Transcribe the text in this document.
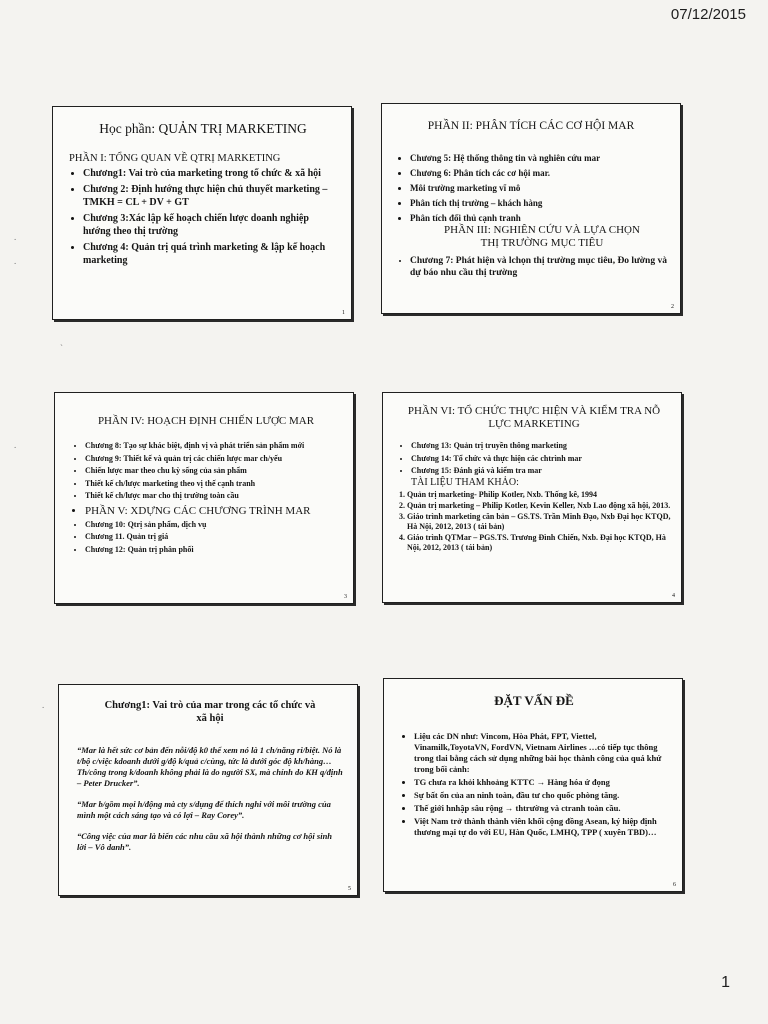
07/12/2015
.
.
`
.
.
Học phần: QUẢN TRỊ MARKETING
PHẦN I: TỔNG QUAN VỀ QTRỊ MARKETING
• Chương1: Vai trò của marketing trong tổ chức & xã hội
• Chương 2: Định hướng thực hiện chủ thuyết marketing – TMKH = CL + DV + GT
• Chương 3:Xác lập kế hoạch chiến lược doanh nghiệp hướng theo thị trường
• Chương 4: Quản trị quá trình marketing & lập kế hoạch marketing
1
PHẦN II: PHÂN TÍCH CÁC CƠ HỘI MAR
• Chương 5: Hệ thống thông tin và nghiên cứu mar
• Chương 6: Phân tích các cơ hội mar.
• Môi trường marketing vĩ mô
• Phân tích thị trường – khách hàng
• Phân tích đối thủ cạnh tranh
PHẦN III: NGHIÊN CỨU VÀ LỰA CHỌN THỊ TRƯỜNG MỤC TIÊU
• Chương 7: Phát hiện và lchọn thị trường mục tiêu, Đo lường và dự báo nhu cầu thị trường
2
PHẦN IV: HOẠCH ĐỊNH CHIẾN LƯỢC MAR
• Chương 8: Tạo sự khác biệt, định vị và phát triển sản phẩm mới
• Chương 9: Thiết kế và quản trị các chiến lược mar ch/yếu
• Chiến lược mar theo chu kỳ sống của sản phẩm
• Thiết kế ch/lược marketing theo vị thế cạnh tranh
• Thiết kế ch/lược mar cho thị trường toàn cầu
• PHẦN V: XDỰNG CÁC CHƯƠNG TRÌNH MAR
• Chương 10: Qtrị sản phẩm, dịch vụ
• Chương 11. Quản trị giá
• Chương 12: Quản trị phân phối
3
PHẦN VI: TỔ CHỨC THỰC HIỆN VÀ KIỂM TRA NỖ LỰC MARKETING
• Chương 13: Quản trị truyền thông marketing
• Chương 14: Tổ chức và thực hiện các chtrình mar
• Chương 15: Đánh giá và kiểm tra mar
TÀI LIỆU THAM KHẢO:
1. Quản trị marketing- Philip Kotler, Nxb. Thống kê, 1994
2. Quản trị marketing – Philip Kotler, Kevin Keller, Nxb Lao động xã hội, 2013.
3. Giáo trình marketing căn bản – GS.TS. Trần Minh Đạo, Nxb Đại học KTQD, Hà Nội, 2012, 2013 ( tái bản)
4. Giáo trình QTMar – PGS.TS. Trương Đình Chiến, Nxb. Đại học KTQD, Hà Nội, 2012, 2013 ( tái bản)
4
Chương1: Vai trò của mar trong các tổ chức và xã hội

“Mar là hết sức cơ bản đến nỗi/độ k0 thể xem nó là 1 ch/năng ri/biệt. Nó là t/bộ c/việc kdoanh dưới g/độ k/quả c/cùng, tức là dưới góc độ kh/hàng…Th/công trong k/doanh không phải là do người SX, mà chính do KH q/định – Peter Drucker”.

“Mar b/gồm mọi h/động mà cty s/dụng để thích nghi với môi trường của mình một cách sáng tạo và có lợi – Ray Corey”.

“Công việc của mar là biến các nhu cầu xã hội thành những cơ hội sinh lời – Vô danh”.

5
ĐẶT VẤN ĐỀ
• Liệu các DN như: Vincom, Hòa Phát, FPT, Viettel, Vinamilk,ToyotaVN, FordVN, Vietnam Airlines …có tiếp tục thông trong tlai bằng cách sử dụng những bài học thành công của quá khứ trong bối cảnh:
• TG chưa ra khỏi khhoảng KTTC → Hàng hóa ứ đọng
• Sự bất ổn của an ninh toàn, đầu tư cho quốc phòng tăng.
• Thế giới hnhập sâu rộng → thtrường và ctranh toàn cầu.
• Việt Nam trở thành thành viên khối cộng đồng Asean, ký hiệp định thương mại tự do với EU, Hàn Quốc, LMHQ, TPP ( xuyên TBD)…
6
1
